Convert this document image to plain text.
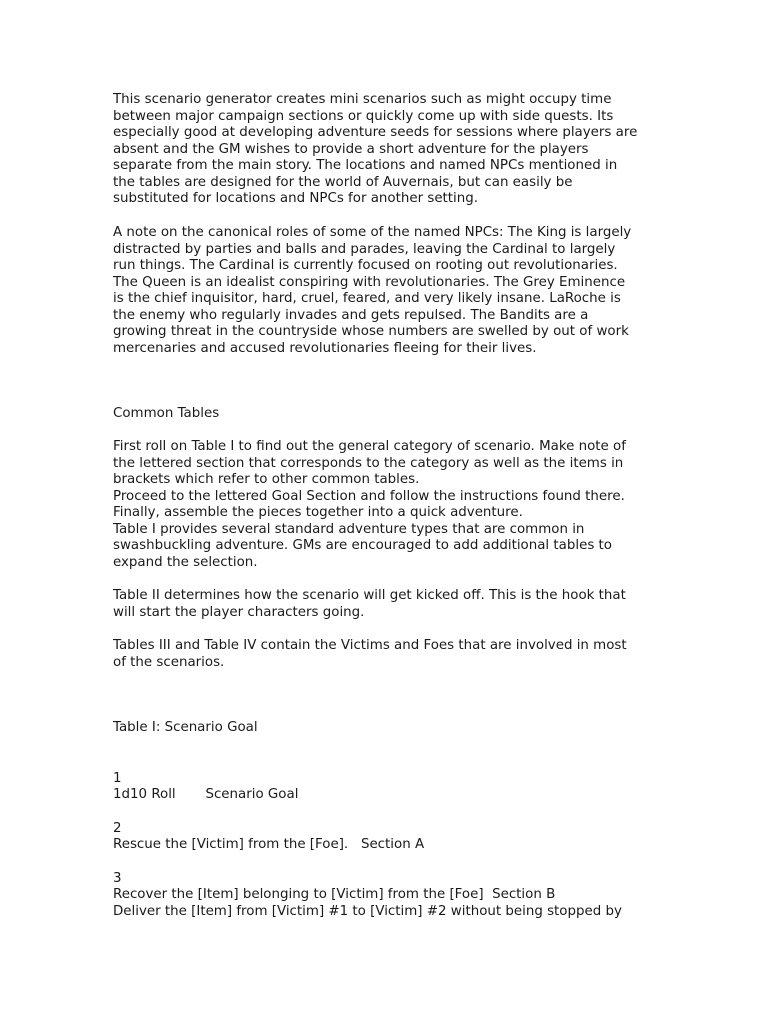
This scenario generator creates mini scenarios such as might occupy time
between major campaign sections or quickly come up with side quests. Its
especially good at developing adventure seeds for sessions where players are
absent and the GM wishes to provide a short adventure for the players
separate from the main story. The locations and named NPCs mentioned in
the tables are designed for the world of Auvernais, but can easily be
substituted for locations and NPCs for another setting.
A note on the canonical roles of some of the named NPCs: The King is largely
distracted by parties and balls and parades, leaving the Cardinal to largely
run things. The Cardinal is currently focused on rooting out revolutionaries.
The Queen is an idealist conspiring with revolutionaries. The Grey Eminence
is the chief inquisitor, hard, cruel, feared, and very likely insane. LaRoche is
the enemy who regularly invades and gets repulsed. The Bandits are a
growing threat in the countryside whose numbers are swelled by out of work
mercenaries and accused revolutionaries fleeing for their lives.
Common Tables
First roll on Table I to find out the general category of scenario. Make note of
the lettered section that corresponds to the category as well as the items in
brackets which refer to other common tables.
Proceed to the lettered Goal Section and follow the instructions found there.
Finally, assemble the pieces together into a quick adventure.
Table I provides several standard adventure types that are common in
swashbuckling adventure. GMs are encouraged to add additional tables to
expand the selection.
Table II determines how the scenario will get kicked off. This is the hook that
will start the player characters going.
Tables III and Table IV contain the Victims and Foes that are involved in most
of the scenarios.
Table I: Scenario Goal

1d10 Roll       Scenario Goal

1

Rescue the [Victim] from the [Foe].   Section A

2

Recover the [Item] belonging to [Victim] from the [Foe]  Section B

3
Deliver the [Item] from [Victim] #1 to [Victim] #2 without being stopped by
